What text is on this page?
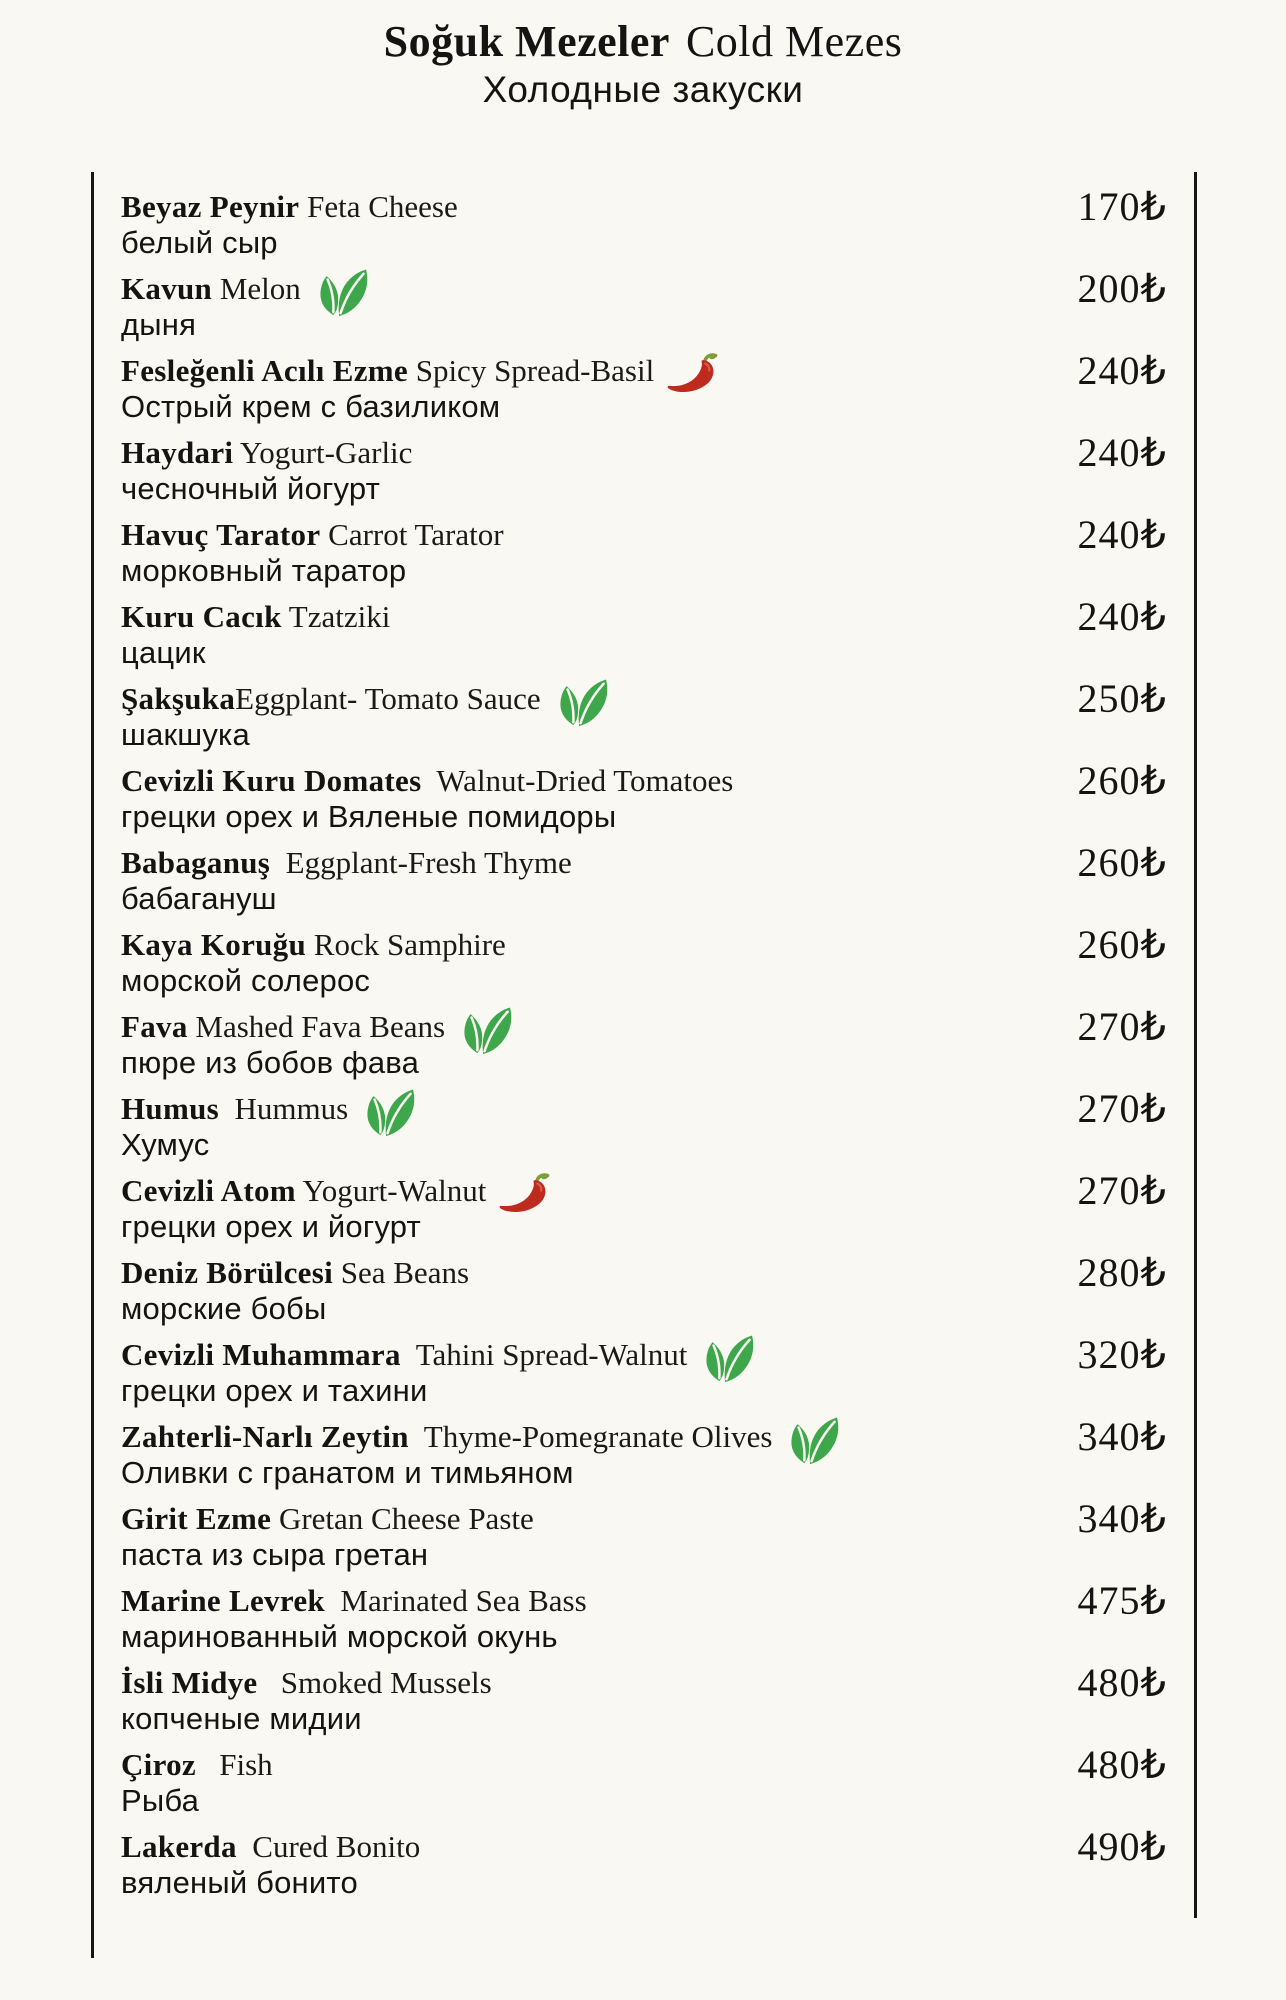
Soğuk Mezeler Cold Mezes
Холодные закуски
Beyaz Peynir Feta Cheese	170₺
белый сыр
Kavun Melon	200₺
дыня
Fesleğenli Acılı Ezme Spicy Spread-Basil	240₺
Острый крем с базиликом
Haydari Yogurt-Garlic	240₺
чесночный йогурт
Havuç Tarator Carrot Tarator	240₺
морковный таратор
Kuru Cacık Tzatziki	240₺
цацик
ŞakşukaEggplant- Tomato Sauce	250₺
шакшука
Cevizli Kuru Domates  Walnut-Dried Tomatoes	260₺
грецки орех и Вяленые помидоры
Babaganuş  Eggplant-Fresh Thyme	260₺
бабагануш
Kaya Koruğu Rock Samphire	260₺
морской солерос
Fava Mashed Fava Beans	270₺
пюре из бобов фава
Humus  Hummus	270₺
Хумус
Cevizli Atom Yogurt-Walnut	270₺
грецки орех и йогурт
Deniz Börülcesi Sea Beans	280₺
морские бобы
Cevizli Muhammara  Tahini Spread-Walnut	320₺
грецки орех и тахини
Zahterli-Narlı Zeytin  Thyme-Pomegranate Olives	340₺
Оливки с гранатом и тимьяном
Girit Ezme Gretan Cheese Paste	340₺
паста из сыра гретан
Marine Levrek  Marinated Sea Bass	475₺
маринованный морской окунь
İsli Midye   Smoked Mussels	480₺
копченые мидии
Çiroz   Fish	480₺
Рыба
Lakerda  Cured Bonito	490₺
вяленый бонито
